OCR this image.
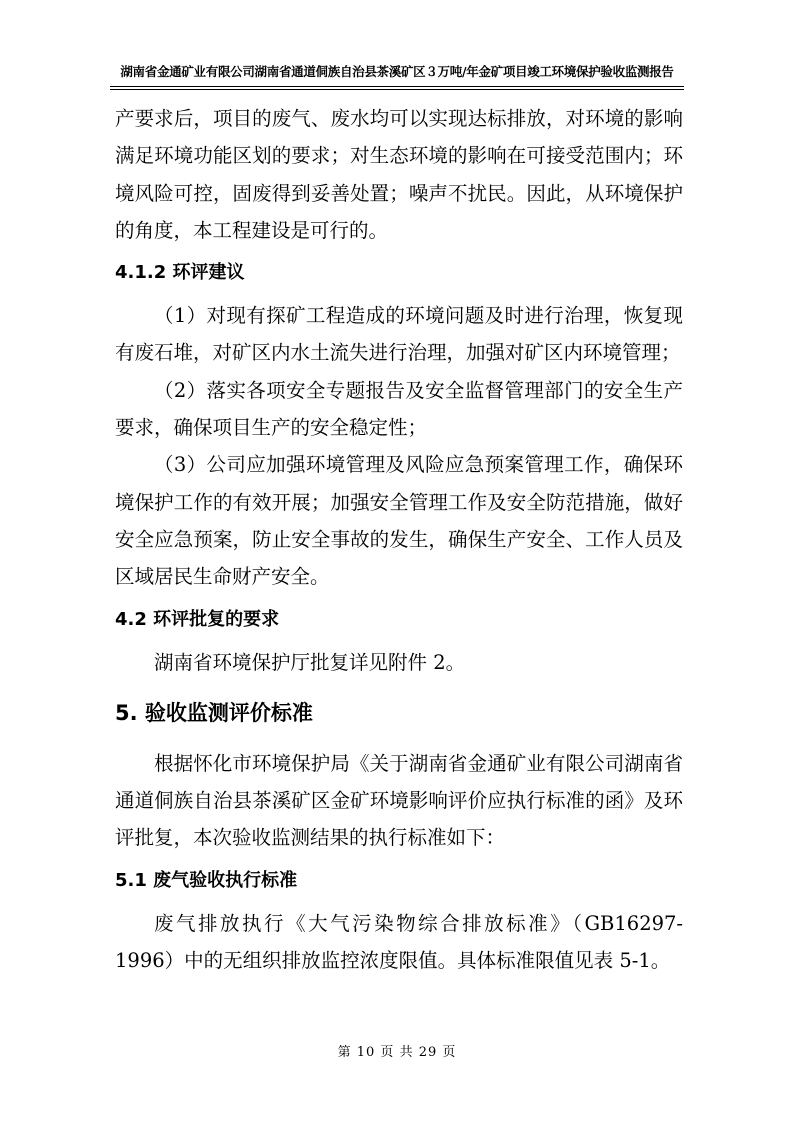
湖南省金通矿业有限公司湖南省通道侗族自治县茶溪矿区３万吨/年金矿项目竣工环境保护验收监测报告

产要求后，项目的废气、废水均可以实现达标排放，对环境的影响满足环境功能区划的要求；对生态环境的影响在可接受范围内；环境风险可控，固废得到妥善处置；噪声不扰民。因此，从环境保护的角度，本工程建设是可行的。

4.1.2 环评建议

（1）对现有探矿工程造成的环境问题及时进行治理，恢复现有废石堆，对矿区内水土流失进行治理，加强对矿区内环境管理；

（2）落实各项安全专题报告及安全监督管理部门的安全生产要求，确保项目生产的安全稳定性；

（3）公司应加强环境管理及风险应急预案管理工作，确保环境保护工作的有效开展；加强安全管理工作及安全防范措施，做好安全应急预案，防止安全事故的发生，确保生产安全、工作人员及区域居民生命财产安全。

4.2 环评批复的要求

湖南省环境保护厅批复详见附件 2。

5. 验收监测评价标准

根据怀化市环境保护局《关于湖南省金通矿业有限公司湖南省通道侗族自治县茶溪矿区金矿环境影响评价应执行标准的函》及环评批复，本次验收监测结果的执行标准如下：

5.1 废气验收执行标准

废气排放执行《大气污染物综合排放标准》（GB16297-1996）中的无组织排放监控浓度限值。具体标准限值见表 5-1。

第 10 页 共 29 页
